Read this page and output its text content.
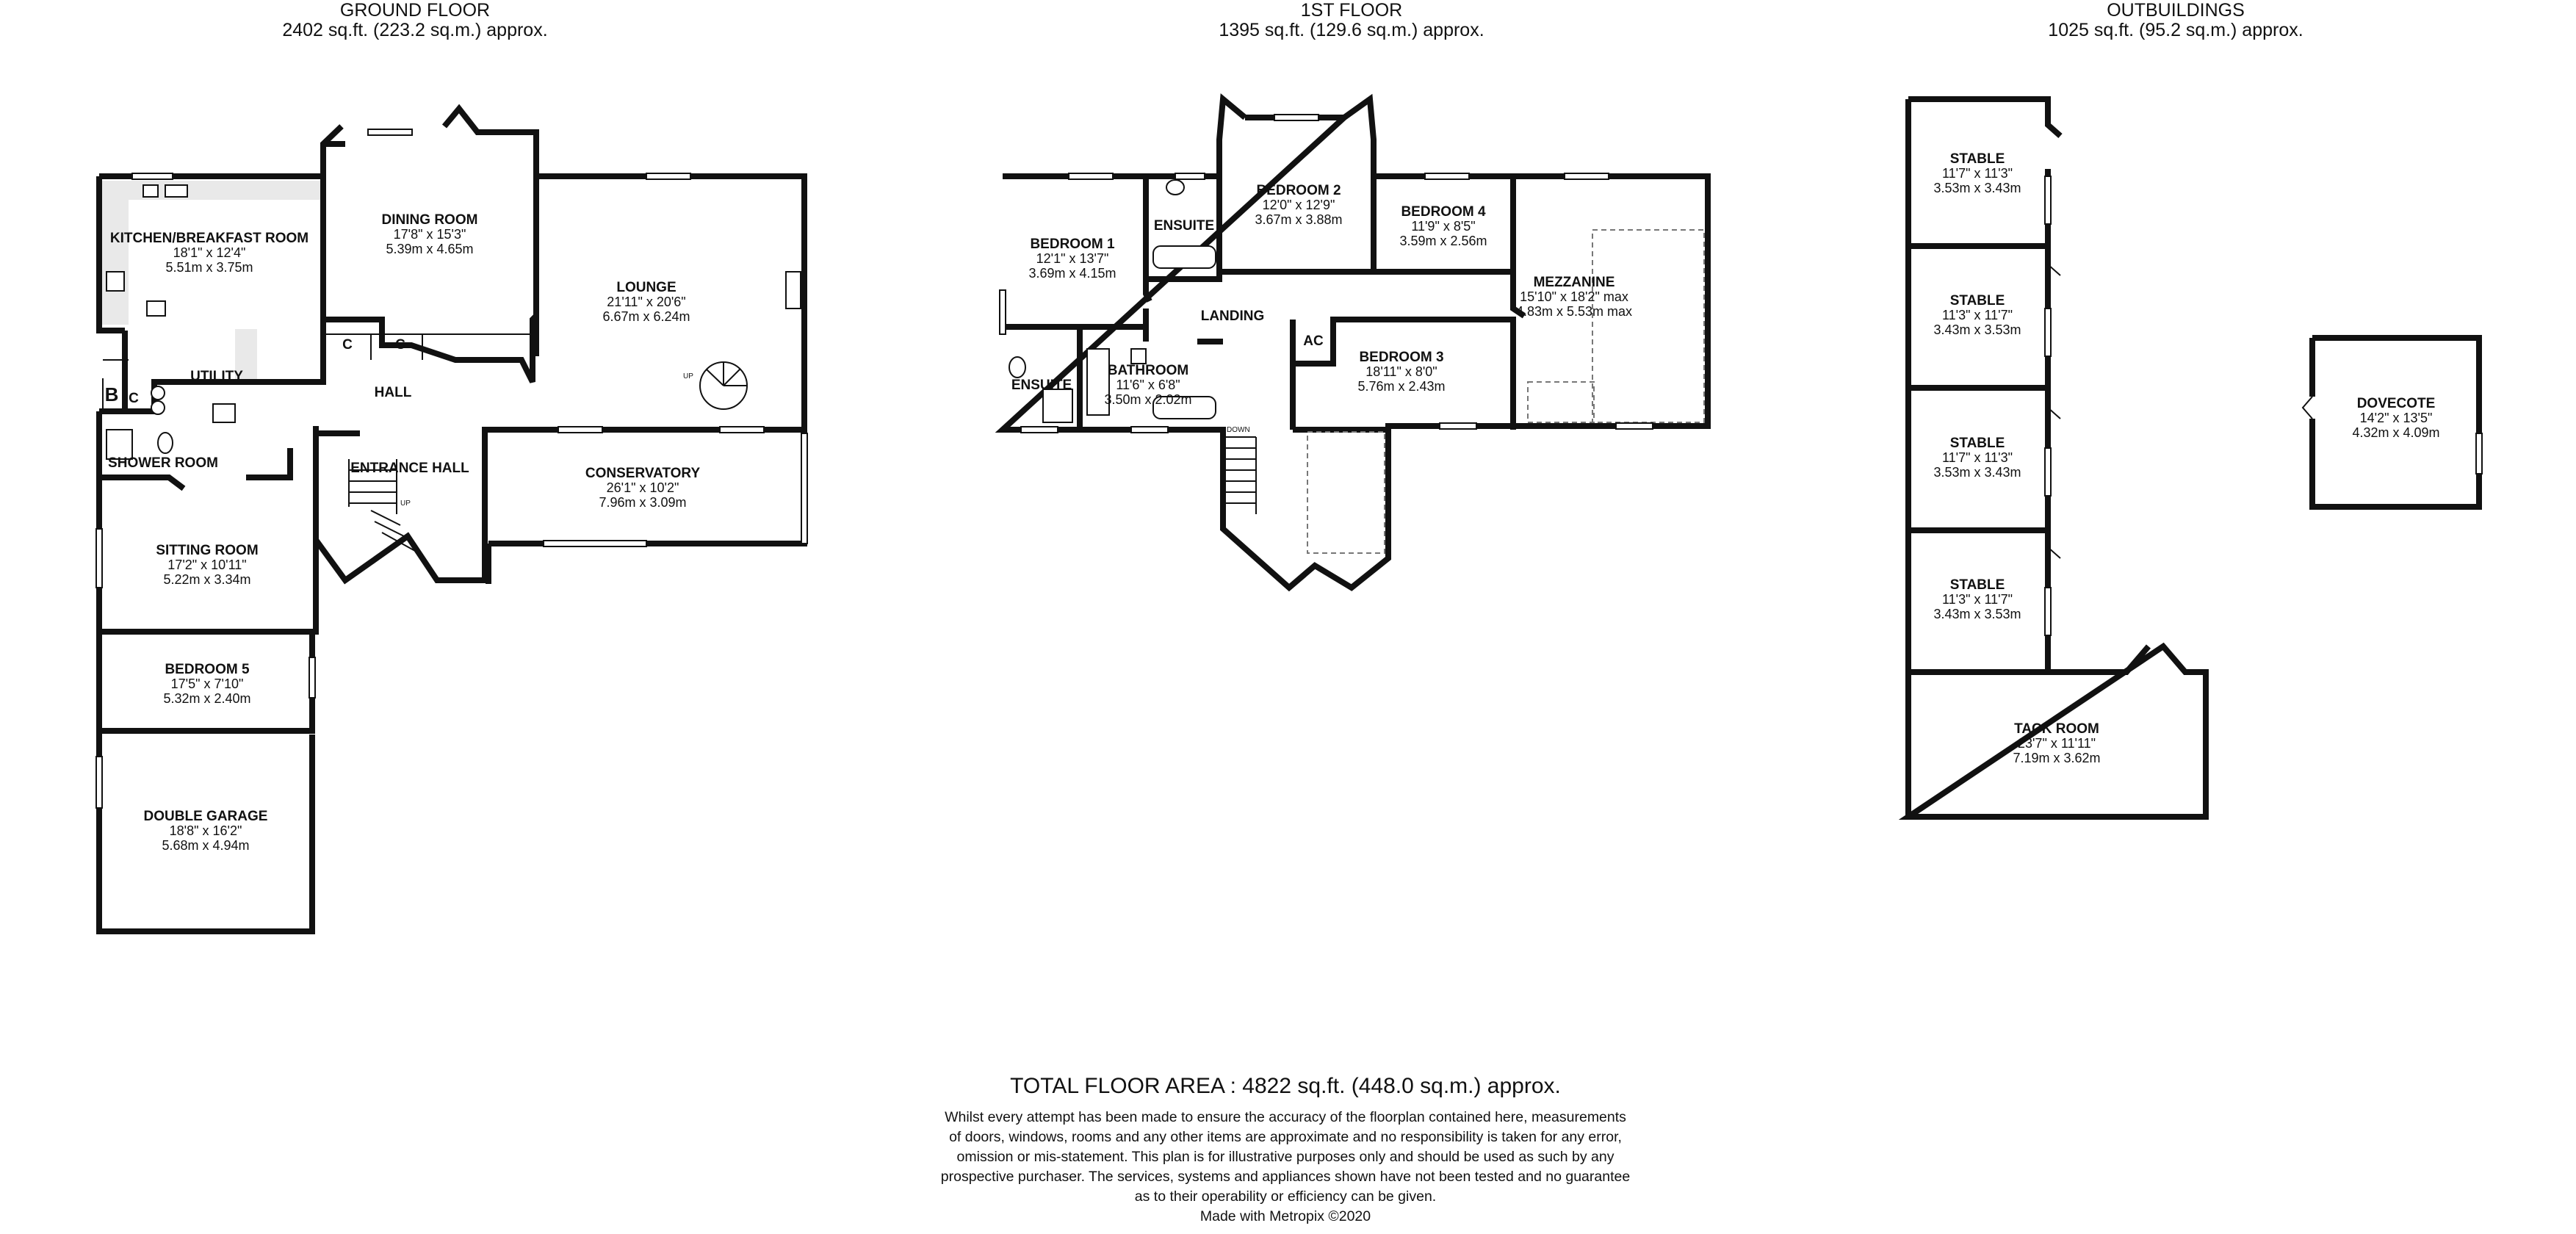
GROUND FLOOR
2402 sq.ft. (223.2 sq.m.) approx.
1ST FLOOR
1395 sq.ft. (129.6 sq.m.) approx.
OUTBUILDINGS
1025 sq.ft. (95.2 sq.m.) approx.
UP
UP
KITCHEN/BREAKFAST ROOM
18'1" x 12'4"
5.51m x 3.75m
DINING ROOM
17'8" x 15'3"
5.39m x 4.65m
LOUNGE
21'11" x 20'6"
6.67m x 6.24m
UTILITY
HALL
C	C
B C
SHOWER ROOM	ENTRANCE HALL	CONSERVATORY
26'1" x 10'2"
7.96m x 3.09m
SITTING ROOM
17'2" x 10'11"
5.22m x 3.34m
BEDROOM 5
17'5" x 7'10"
5.32m x 2.40m
DOUBLE GARAGE
18'8" x 16'2"
5.68m x 4.94m
DOWN
BEDROOM 1
12'1" x 13'7"
3.69m x 4.15m
ENSUITE
BEDROOM 2
12'0" x 12'9"
3.67m x 3.88m	BEDROOM 4
11'9" x 8'5"
3.59m x 2.56m
MEZZANINE
15'10" x 18'2" max
4.83m x 5.53m max
LANDING
AC
BEDROOM 3
18'11" x 8'0"
5.76m x 2.43m
ENSUITE
BATHROOM
11'6" x 6'8"
3.50m x 2.02m
STABLE
11'7" x 11'3"
3.53m x 3.43m
STABLE
11'3" x 11'7"
3.43m x 3.53m
STABLE
11'7" x 11'3"
3.53m x 3.43m
STABLE
11'3" x 11'7"
3.43m x 3.53m
TACK ROOM
23'7" x 11'11"
7.19m x 3.62m
DOVECOTE
14'2" x 13'5"
4.32m x 4.09m
TOTAL FLOOR AREA : 4822 sq.ft. (448.0 sq.m.) approx.
Whilst every attempt has been made to ensure the accuracy of the floorplan contained here, measurements
of doors, windows, rooms and any other items are approximate and no responsibility is taken for any error,
omission or mis-statement. This plan is for illustrative purposes only and should be used as such by any
prospective purchaser. The services, systems and appliances shown have not been tested and no guarantee
as to their operability or efficiency can be given.
Made with Metropix ©2020
